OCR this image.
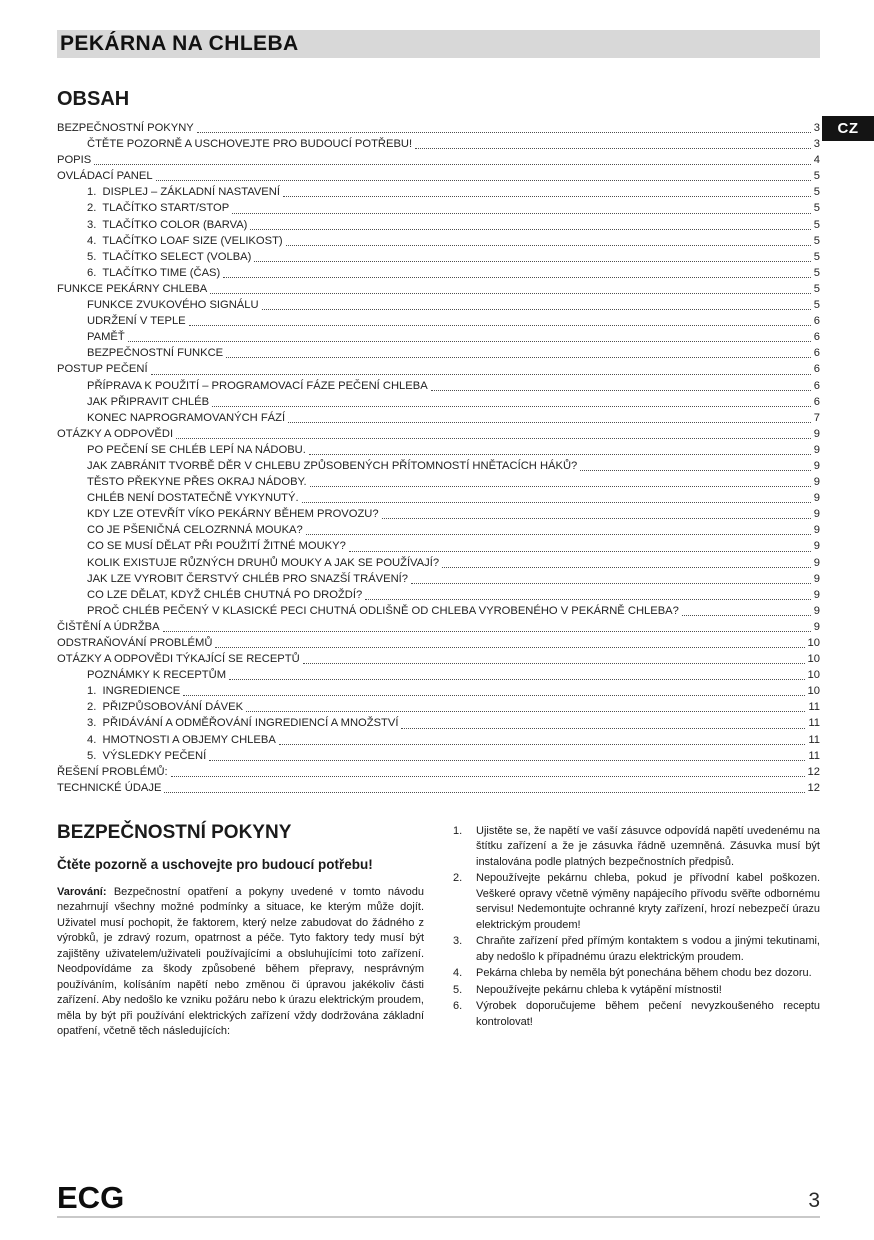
PEKÁRNA NA CHLEBA
CZ
OBSAH
BEZPEČNOSTNÍ POKYNY	3
ČTĚTE POZORNĚ A USCHOVEJTE PRO BUDOUCÍ POTŘEBU!	3
POPIS	4
OVLÁDACÍ PANEL	5
1.  DISPLEJ – ZÁKLADNÍ NASTAVENÍ	5
2.  TLAČÍTKO START/STOP	5
3.  TLAČÍTKO COLOR (BARVA)	5
4.  TLAČÍTKO LOAF SIZE (VELIKOST)	5
5.  TLAČÍTKO SELECT (VOLBA)	5
6.  TLAČÍTKO TIME (ČAS)	5
FUNKCE PEKÁRNY CHLEBA	5
FUNKCE ZVUKOVÉHO SIGNÁLU	5
UDRŽENÍ V TEPLE	6
PAMĚŤ	6
BEZPEČNOSTNÍ FUNKCE	6
POSTUP PEČENÍ	6
PŘÍPRAVA K POUŽITÍ – PROGRAMOVACÍ FÁZE PEČENÍ CHLEBA	6
JAK PŘIPRAVIT CHLÉB	6
KONEC NAPROGRAMOVANÝCH FÁZÍ	7
OTÁZKY A ODPOVĚDI	9
PO PEČENÍ SE CHLÉB LEPÍ NA NÁDOBU.	9
JAK ZABRÁNIT TVORBĚ DĚR V CHLEBU ZPŮSOBENÝCH PŘÍTOMNOSTÍ HNĚTACÍCH HÁKŮ?	9
TĚSTO PŘEKYNE PŘES OKRAJ NÁDOBY.	9
CHLÉB NENÍ DOSTATEČNĚ VYKYNUTÝ.	9
KDY LZE OTEVŘÍT VÍKO PEKÁRNY BĚHEM PROVOZU?	9
CO JE PŠENIČNÁ CELOZRNNÁ MOUKA?	9
CO SE MUSÍ DĚLAT PŘI POUŽITÍ ŽITNÉ MOUKY?	9
KOLIK EXISTUJE RŮZNÝCH DRUHŮ MOUKY A JAK SE POUŽÍVAJÍ?	9
JAK LZE VYROBIT ČERSTVÝ CHLÉB PRO SNAZŠÍ TRÁVENÍ?	9
CO LZE DĚLAT, KDYŽ CHLÉB CHUTNÁ PO DROŽDÍ?	9
PROČ CHLÉB PEČENÝ V KLASICKÉ PECI CHUTNÁ ODLIŠNĚ OD CHLEBA VYROBENÉHO V PEKÁRNĚ CHLEBA?	9
ČIŠTĚNÍ A ÚDRŽBA	9
ODSTRAŇOVÁNÍ PROBLÉMŮ	10
OTÁZKY A ODPOVĚDI TÝKAJÍCÍ SE RECEPTŮ	10
POZNÁMKY K RECEPTŮM	10
1.  INGREDIENCE	10
2.  PŘIZPŮSOBOVÁNÍ DÁVEK	11
3.  PŘIDÁVÁNÍ A ODMĚŘOVÁNÍ INGREDIENCÍ A MNOŽSTVÍ	11
4.  HMOTNOSTI A OBJEMY CHLEBA	11
5.  VÝSLEDKY PEČENÍ	11
ŘEŠENÍ PROBLÉMŮ:	12
TECHNICKÉ ÚDAJE	12
BEZPEČNOSTNÍ POKYNY
Čtěte pozorně a uschovejte pro budoucí potřebu!

Varování: Bezpečnostní opatření a pokyny uvedené v tomto návodu nezahrnují všechny možné podmínky a situace, ke kterým může dojít. Uživatel musí pochopit, že faktorem, který nelze zabudovat do žádného z výrobků, je zdravý rozum, opatrnost a péče. Tyto faktory tedy musí být zajištěny uživatelem/uživateli používajícími a obsluhujícími toto zařízení. Neodpovídáme za škody způsobené během přepravy, nesprávným používáním, kolísáním napětí nebo změnou či úpravou jakékoliv části zařízení. Aby nedošlo ke vzniku požáru nebo k úrazu elektrickým proudem, měla by být při používání elektrických zařízení vždy dodržována základní opatření, včetně těch následujících:

1.	Ujistěte se, že napětí ve vaší zásuvce odpovídá napětí uvedenému na štítku zařízení a že je zásuvka řádně uzemněná. Zásuvka musí být instalována podle platných bezpečnostních předpisů.
2.	Nepoužívejte pekárnu chleba, pokud je přívodní kabel poškozen. Veškeré opravy včetně výměny napájecího přívodu svěřte odbornému servisu! Nedemontujte ochranné kryty zařízení, hrozí nebezpečí úrazu elektrickým proudem!
3.	Chraňte zařízení před přímým kontaktem s vodou a jinými tekutinami, aby nedošlo k případnému úrazu elektrickým proudem.
4.	Pekárna chleba by neměla být ponechána během chodu bez dozoru.
5.	Nepoužívejte pekárnu chleba k vytápění místnosti!
6.	Výrobek doporučujeme během pečení nevyzkoušeného receptu kontrolovat!
ECG	3
